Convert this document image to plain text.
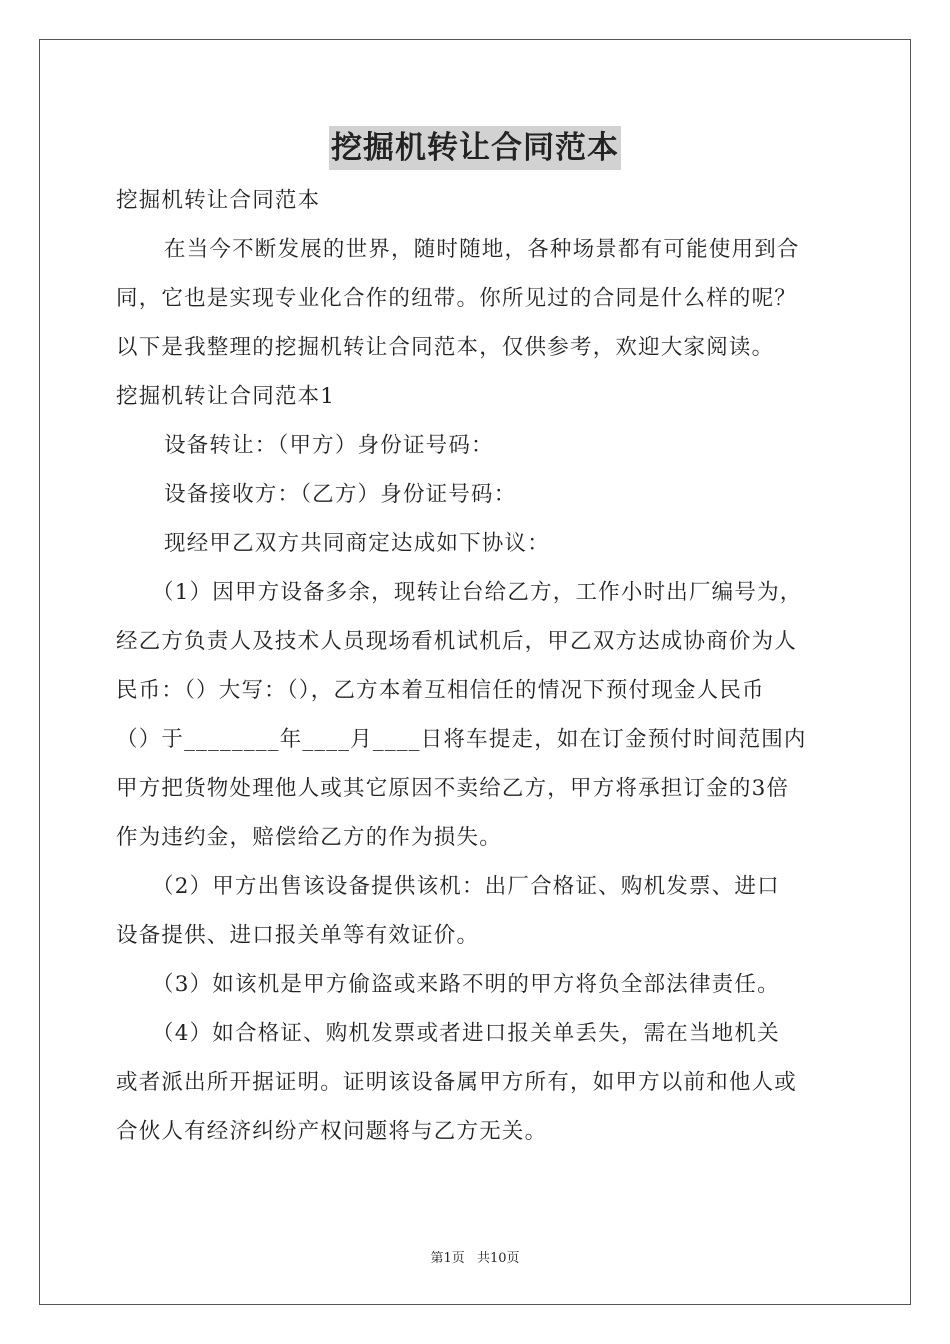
挖掘机转让合同范本
挖掘机转让合同范本
在当今不断发展的世界，随时随地，各种场景都有可能使用到合
同，它也是实现专业化合作的纽带。你所见过的合同是什么样的呢？
以下是我整理的挖掘机转让合同范本，仅供参考，欢迎大家阅读。
挖掘机转让合同范本1
设备转让：（甲方）身份证号码：
设备接收方：（乙方）身份证号码：
现经甲乙双方共同商定达成如下协议：
（1）因甲方设备多余，现转让台给乙方，工作小时出厂编号为，
经乙方负责人及技术人员现场看机试机后，甲乙双方达成协商价为人
民币：（）大写：（），乙方本着互相信任的情况下预付现金人民币
（）于________年____月____日将车提走，如在订金预付时间范围内
甲方把货物处理他人或其它原因不卖给乙方，甲方将承担订金的3倍
作为违约金，赔偿给乙方的作为损失。
（2）甲方出售该设备提供该机：出厂合格证、购机发票、进口
设备提供、进口报关单等有效证价。
（3）如该机是甲方偷盗或来路不明的甲方将负全部法律责任。
（4）如合格证、购机发票或者进口报关单丢失，需在当地机关
或者派出所开据证明。证明该设备属甲方所有，如甲方以前和他人或
合伙人有经济纠纷产权问题将与乙方无关。
第1页 共10页
